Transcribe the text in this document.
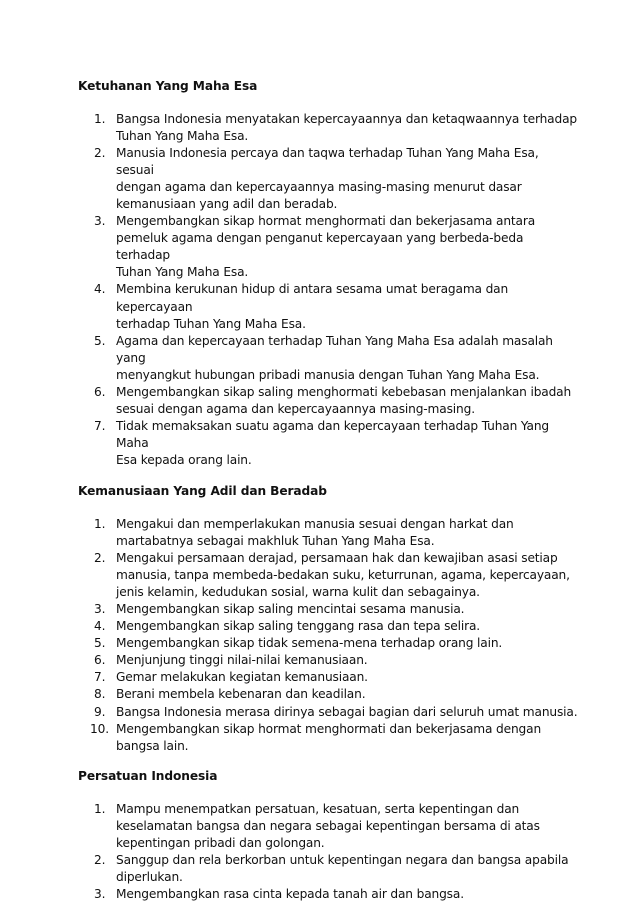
Ketuhanan Yang Maha Esa

1. Bangsa Indonesia menyatakan kepercayaannya dan ketaqwaannya terhadap
Tuhan Yang Maha Esa.
2. Manusia Indonesia percaya dan taqwa terhadap Tuhan Yang Maha Esa, sesuai
dengan agama dan kepercayaannya masing-masing menurut dasar
kemanusiaan yang adil dan beradab.
3. Mengembangkan sikap hormat menghormati dan bekerjasama antara
pemeluk agama dengan penganut kepercayaan yang berbeda-beda terhadap
Tuhan Yang Maha Esa.
4. Membina kerukunan hidup di antara sesama umat beragama dan kepercayaan
terhadap Tuhan Yang Maha Esa.
5. Agama dan kepercayaan terhadap Tuhan Yang Maha Esa adalah masalah yang
menyangkut hubungan pribadi manusia dengan Tuhan Yang Maha Esa.
6. Mengembangkan sikap saling menghormati kebebasan menjalankan ibadah
sesuai dengan agama dan kepercayaannya masing-masing.
7. Tidak memaksakan suatu agama dan kepercayaan terhadap Tuhan Yang Maha
Esa kepada orang lain.

Kemanusiaan Yang Adil dan Beradab

1. Mengakui dan memperlakukan manusia sesuai dengan harkat dan
martabatnya sebagai makhluk Tuhan Yang Maha Esa.
2. Mengakui persamaan derajad, persamaan hak dan kewajiban asasi setiap
manusia, tanpa membeda-bedakan suku, keturrunan, agama, kepercayaan,
jenis kelamin, kedudukan sosial, warna kulit dan sebagainya.
3. Mengembangkan sikap saling mencintai sesama manusia.
4. Mengembangkan sikap saling tenggang rasa dan tepa selira.
5. Mengembangkan sikap tidak semena-mena terhadap orang lain.
6. Menjunjung tinggi nilai-nilai kemanusiaan.
7. Gemar melakukan kegiatan kemanusiaan.
8. Berani membela kebenaran dan keadilan.
9. Bangsa Indonesia merasa dirinya sebagai bagian dari seluruh umat manusia.
10. Mengembangkan sikap hormat menghormati dan bekerjasama dengan
bangsa lain.

Persatuan Indonesia

1. Mampu menempatkan persatuan, kesatuan, serta kepentingan dan
keselamatan bangsa dan negara sebagai kepentingan bersama di atas
kepentingan pribadi dan golongan.
2. Sanggup dan rela berkorban untuk kepentingan negara dan bangsa apabila
diperlukan.
3. Mengembangkan rasa cinta kepada tanah air dan bangsa.
